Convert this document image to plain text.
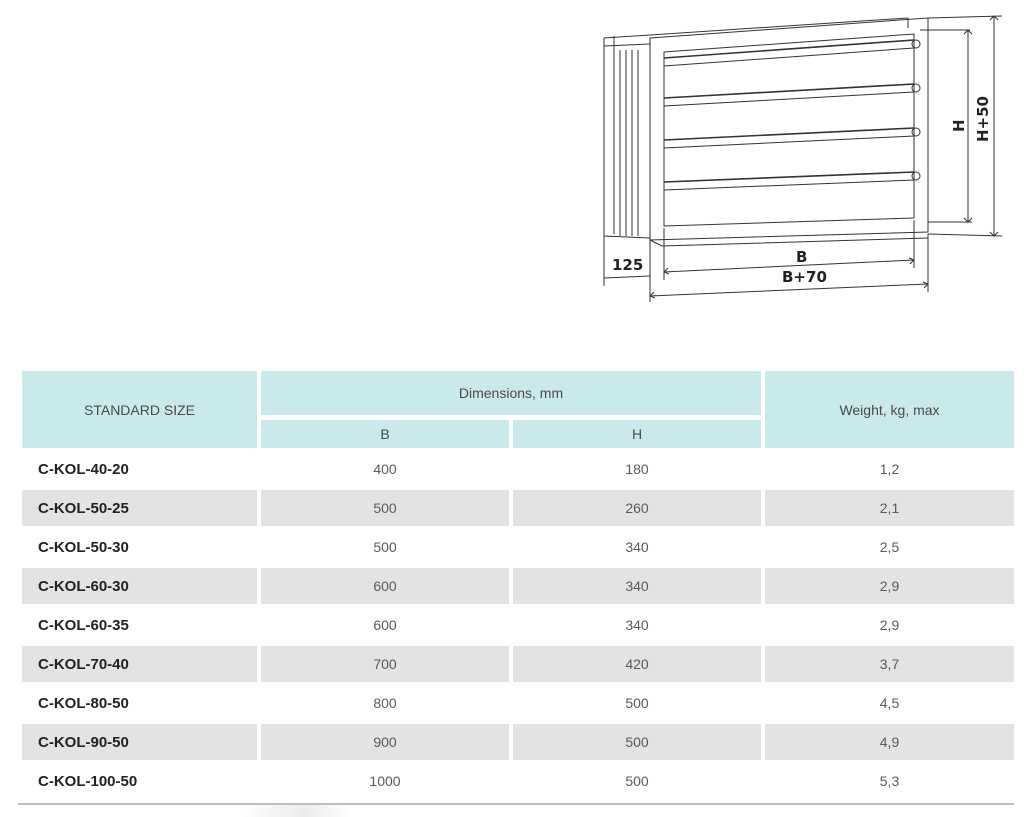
125	B
B+70
H H+50
STANDARD SIZE	Dimensions, mm		Weight, kg, max
	B	H	
C-KOL-40-20	400	180	1,2
C-KOL-50-25	500	260	2,1
C-KOL-50-30	500	340	2,5
C-KOL-60-30	600	340	2,9
C-KOL-60-35	600	340	2,9
C-KOL-70-40	700	420	3,7
C-KOL-80-50	800	500	4,5
C-KOL-90-50	900	500	4,9
C-KOL-100-50	1000	500	5,3
